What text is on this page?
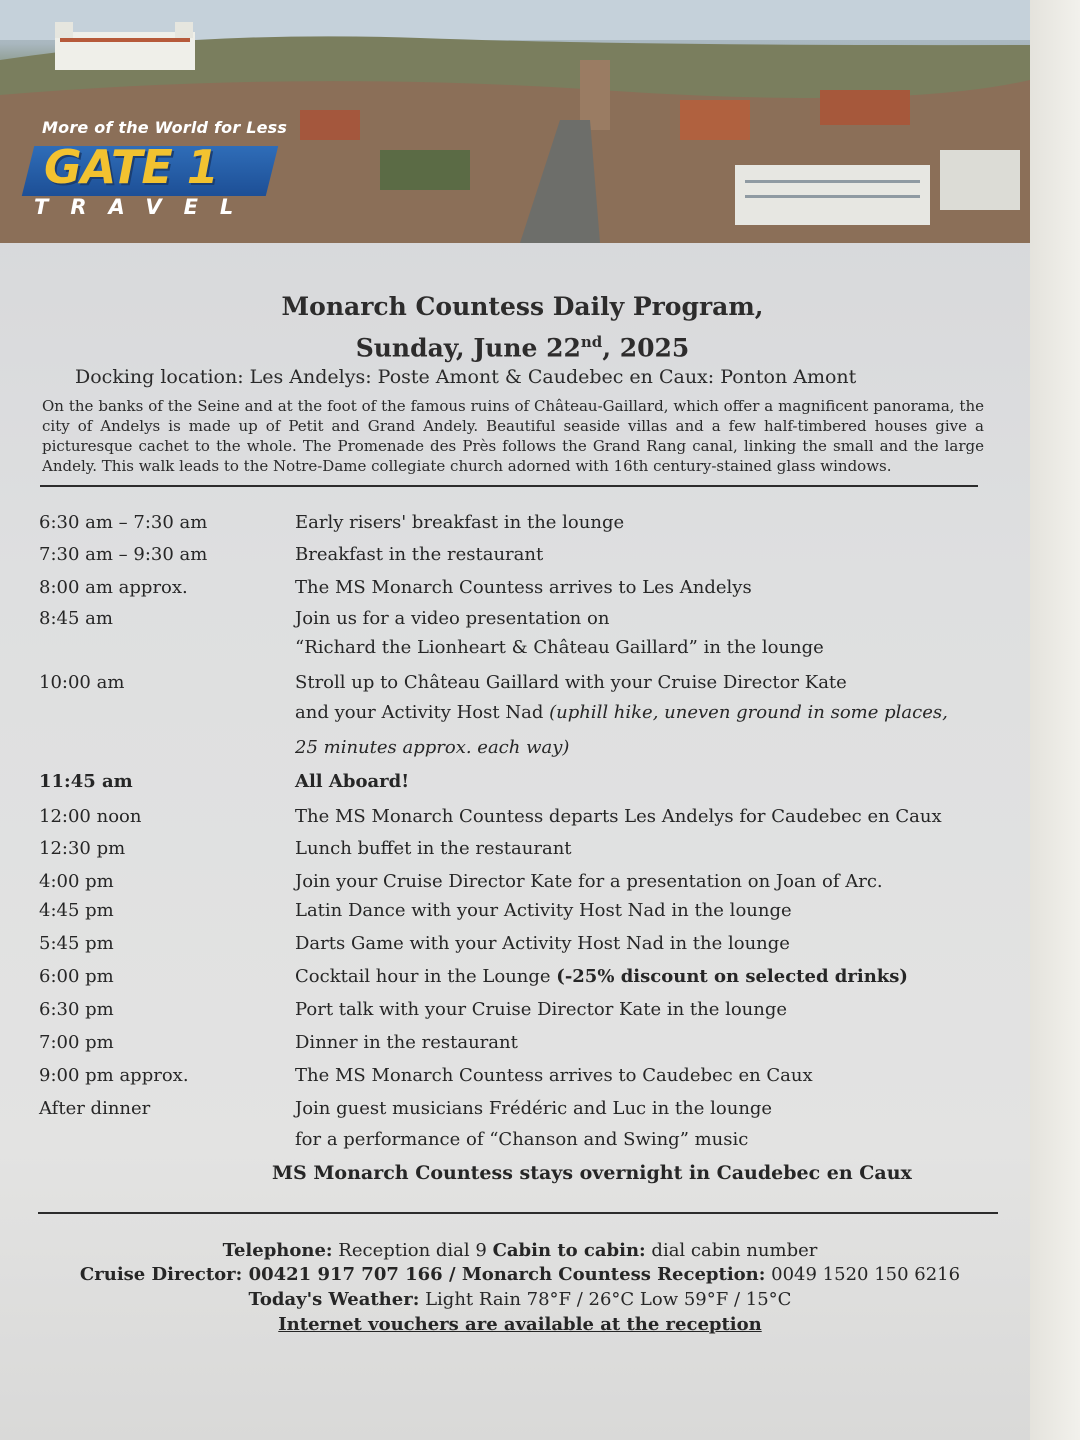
More of the World for Less
GATE 1
TRAVEL
Monarch Countess Daily Program,
Sunday, June 22nd, 2025
Docking location: Les Andelys: Poste Amont & Caudebec en Caux: Ponton Amont
On the banks of the Seine and at the foot of the famous ruins of Château-Gaillard, which offer a magnificent panorama, the city of Andelys is made up of Petit and Grand Andely. Beautiful seaside villas and a few half-timbered houses give a picturesque cachet to the whole. The Promenade des Près follows the Grand Rang canal, linking the small and the large Andely. This walk leads to the Notre-Dame collegiate church adorned with 16th century-stained glass windows.
6:30 am – 7:30 am	Early risers' breakfast in the lounge
7:30 am – 9:30 am	Breakfast in the restaurant
8:00 am approx.	The MS Monarch Countess arrives to Les Andelys
8:45 am	Join us for a video presentation on
“Richard the Lionheart & Château Gaillard” in the lounge
10:00 am	Stroll up to Château Gaillard with your Cruise Director Kate
and your Activity Host Nad (uphill hike, uneven ground in some places,
25 minutes approx. each way)
11:45 am	All Aboard!
12:00 noon	The MS Monarch Countess departs Les Andelys for Caudebec en Caux
12:30 pm	Lunch buffet in the restaurant
4:00 pm	Join your Cruise Director Kate for a presentation on Joan of Arc.
4:45 pm	Latin Dance with your Activity Host Nad in the lounge
5:45 pm	Darts Game with your Activity Host Nad in the lounge
6:00 pm	Cocktail hour in the Lounge (-25% discount on selected drinks)
6:30 pm	Port talk with your Cruise Director Kate in the lounge
7:00 pm	Dinner in the restaurant
9:00 pm approx.	The MS Monarch Countess arrives to Caudebec en Caux
After dinner	Join guest musicians Frédéric and Luc in the lounge
for a performance of “Chanson and Swing” music
MS Monarch Countess stays overnight in Caudebec en Caux
Telephone: Reception dial 9 Cabin to cabin: dial cabin number
Cruise Director: 00421 917 707 166 / Monarch Countess Reception: 0049 1520 150 6216
Today's Weather: Light Rain 78°F / 26°C Low 59°F / 15°C
Internet vouchers are available at the reception
